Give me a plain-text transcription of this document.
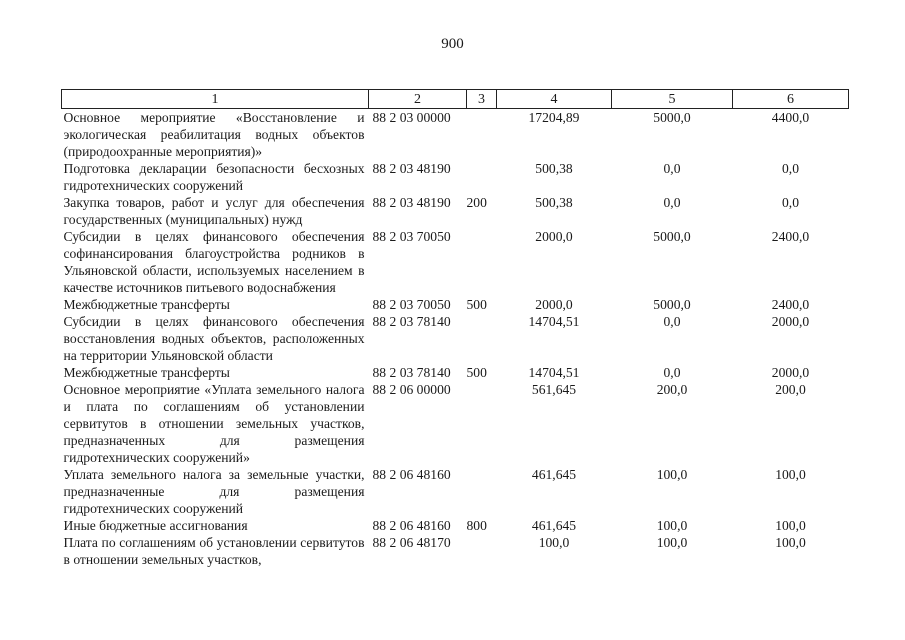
900
1	2	3	4	5	6
Основное мероприятие «Восстановление и экологическая реабилитация водных объектов (природоохранные мероприятия)»	88 2 03 00000		17204,89	5000,0	4400,0
Подготовка декларации безопасности бесхозных гидротехнических сооружений	88 2 03 48190		500,38	0,0	0,0
Закупка товаров, работ и услуг для обеспечения государственных (муниципальных) нужд	88 2 03 48190	200	500,38	0,0	0,0
Субсидии в целях финансового обеспечения софинансирования благоустройства родников в Ульяновской области, используемых населением в качестве источников питьевого водоснабжения	88 2 03 70050		2000,0	5000,0	2400,0
Межбюджетные трансферты	88 2 03 70050	500	2000,0	5000,0	2400,0
Субсидии в целях финансового обеспечения восстановления водных объектов, расположенных на территории Ульяновской области	88 2 03 78140		14704,51	0,0	2000,0
Межбюджетные трансферты	88 2 03 78140	500	14704,51	0,0	2000,0
Основное мероприятие «Уплата земельного налога и плата по соглашениям об установлении сервитутов в отношении земельных участков, предназначенных для размещения гидротехнических сооружений»	88 2 06 00000		561,645	200,0	200,0
Уплата земельного налога за земельные участки, предназначенные для размещения гидротехнических сооружений	88 2 06 48160		461,645	100,0	100,0
Иные бюджетные ассигнования	88 2 06 48160	800	461,645	100,0	100,0
Плата по соглашениям об установлении сервитутов в отношении земельных участков,	88 2 06 48170		100,0	100,0	100,0
